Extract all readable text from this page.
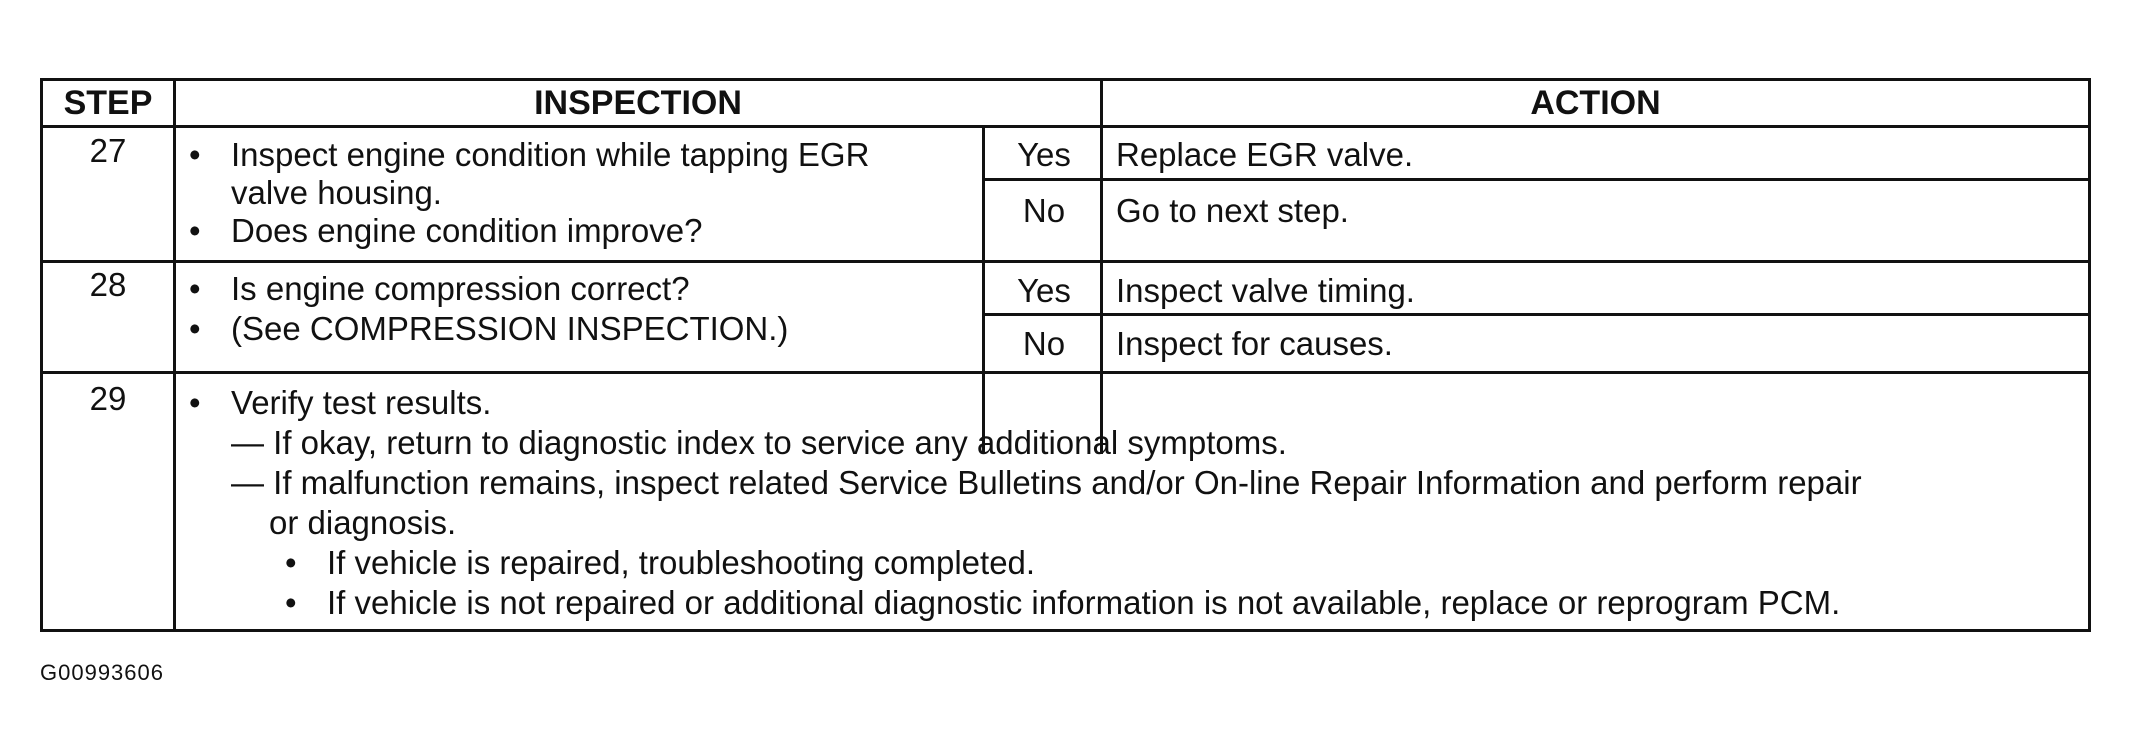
STEP	INSPECTION	ACTION
27	• Inspect engine condition while tapping EGR
valve housing.
• Does engine condition improve?
Yes	Replace EGR valve.
No	Go to next step.
28	• Is engine compression correct?
• (See COMPRESSION INSPECTION.)
Yes	Inspect valve timing.
No	Inspect for causes.
29	• Verify test results.
— If okay, return to diagnostic index to service any additional symptoms.
— If malfunction remains, inspect related Service Bulletins and/or On-line Repair Information and perform repair
or diagnosis.
• If vehicle is repaired, troubleshooting completed.
• If vehicle is not repaired or additional diagnostic information is not available, replace or reprogram PCM.
G00993606
